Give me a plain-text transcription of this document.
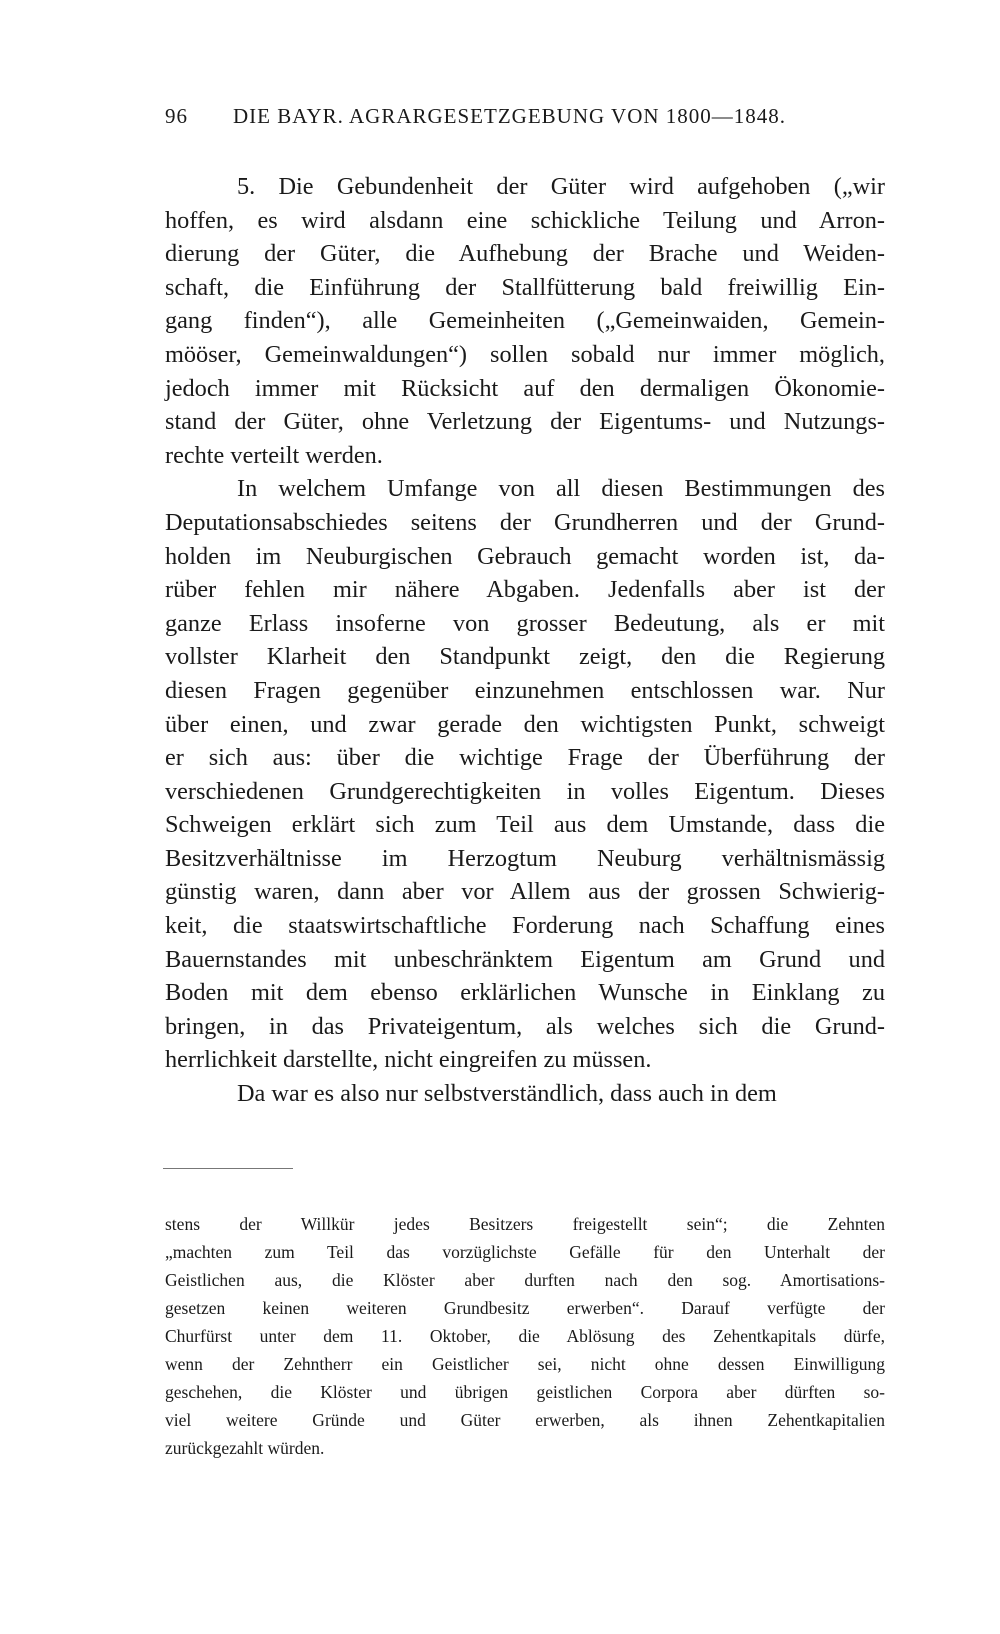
96 DIE BAYR. AGRARGESETZGEBUNG VON 1800—1848.
5. Die Gebundenheit der Güter wird aufgehoben („wir
hoffen, es wird alsdann eine schickliche Teilung und Arron-
dierung der Güter, die Aufhebung der Brache und Weiden-
schaft, die Einführung der Stallfütterung bald freiwillig Ein-
gang finden“), alle Gemeinheiten („Gemeinwaiden, Gemein-
mööser, Gemeinwaldungen“) sollen sobald nur immer möglich,
jedoch immer mit Rücksicht auf den dermaligen Ökonomie-
stand der Güter, ohne Verletzung der Eigentums- und Nutzungs-
rechte verteilt werden.
In welchem Umfange von all diesen Bestimmungen des
Deputationsabschiedes seitens der Grundherren und der Grund-
holden im Neuburgischen Gebrauch gemacht worden ist, da-
rüber fehlen mir nähere Abgaben. Jedenfalls aber ist der
ganze Erlass insoferne von grosser Bedeutung, als er mit
vollster Klarheit den Standpunkt zeigt, den die Regierung
diesen Fragen gegenüber einzunehmen entschlossen war. Nur
über einen, und zwar gerade den wichtigsten Punkt, schweigt
er sich aus: über die wichtige Frage der Überführung der
verschiedenen Grundgerechtigkeiten in volles Eigentum. Dieses
Schweigen erklärt sich zum Teil aus dem Umstande, dass die
Besitzverhältnisse im Herzogtum Neuburg verhältnismässig
günstig waren, dann aber vor Allem aus der grossen Schwierig-
keit, die staatswirtschaftliche Forderung nach Schaffung eines
Bauernstandes mit unbeschränktem Eigentum am Grund und
Boden mit dem ebenso erklärlichen Wunsche in Einklang zu
bringen, in das Privateigentum, als welches sich die Grund-
herrlichkeit darstellte, nicht eingreifen zu müssen.
Da war es also nur selbstverständlich, dass auch in dem
stens der Willkür jedes Besitzers freigestellt sein“; die Zehnten
„machten zum Teil das vorzüglichste Gefälle für den Unterhalt der
Geistlichen aus, die Klöster aber durften nach den sog. Amortisations-
gesetzen keinen weiteren Grundbesitz erwerben“. Darauf verfügte der
Churfürst unter dem 11. Oktober, die Ablösung des Zehentkapitals dürfe,
wenn der Zehntherr ein Geistlicher sei, nicht ohne dessen Einwilligung
geschehen, die Klöster und übrigen geistlichen Corpora aber dürften so-
viel weitere Gründe und Güter erwerben, als ihnen Zehentkapitalien
zurückgezahlt würden.
